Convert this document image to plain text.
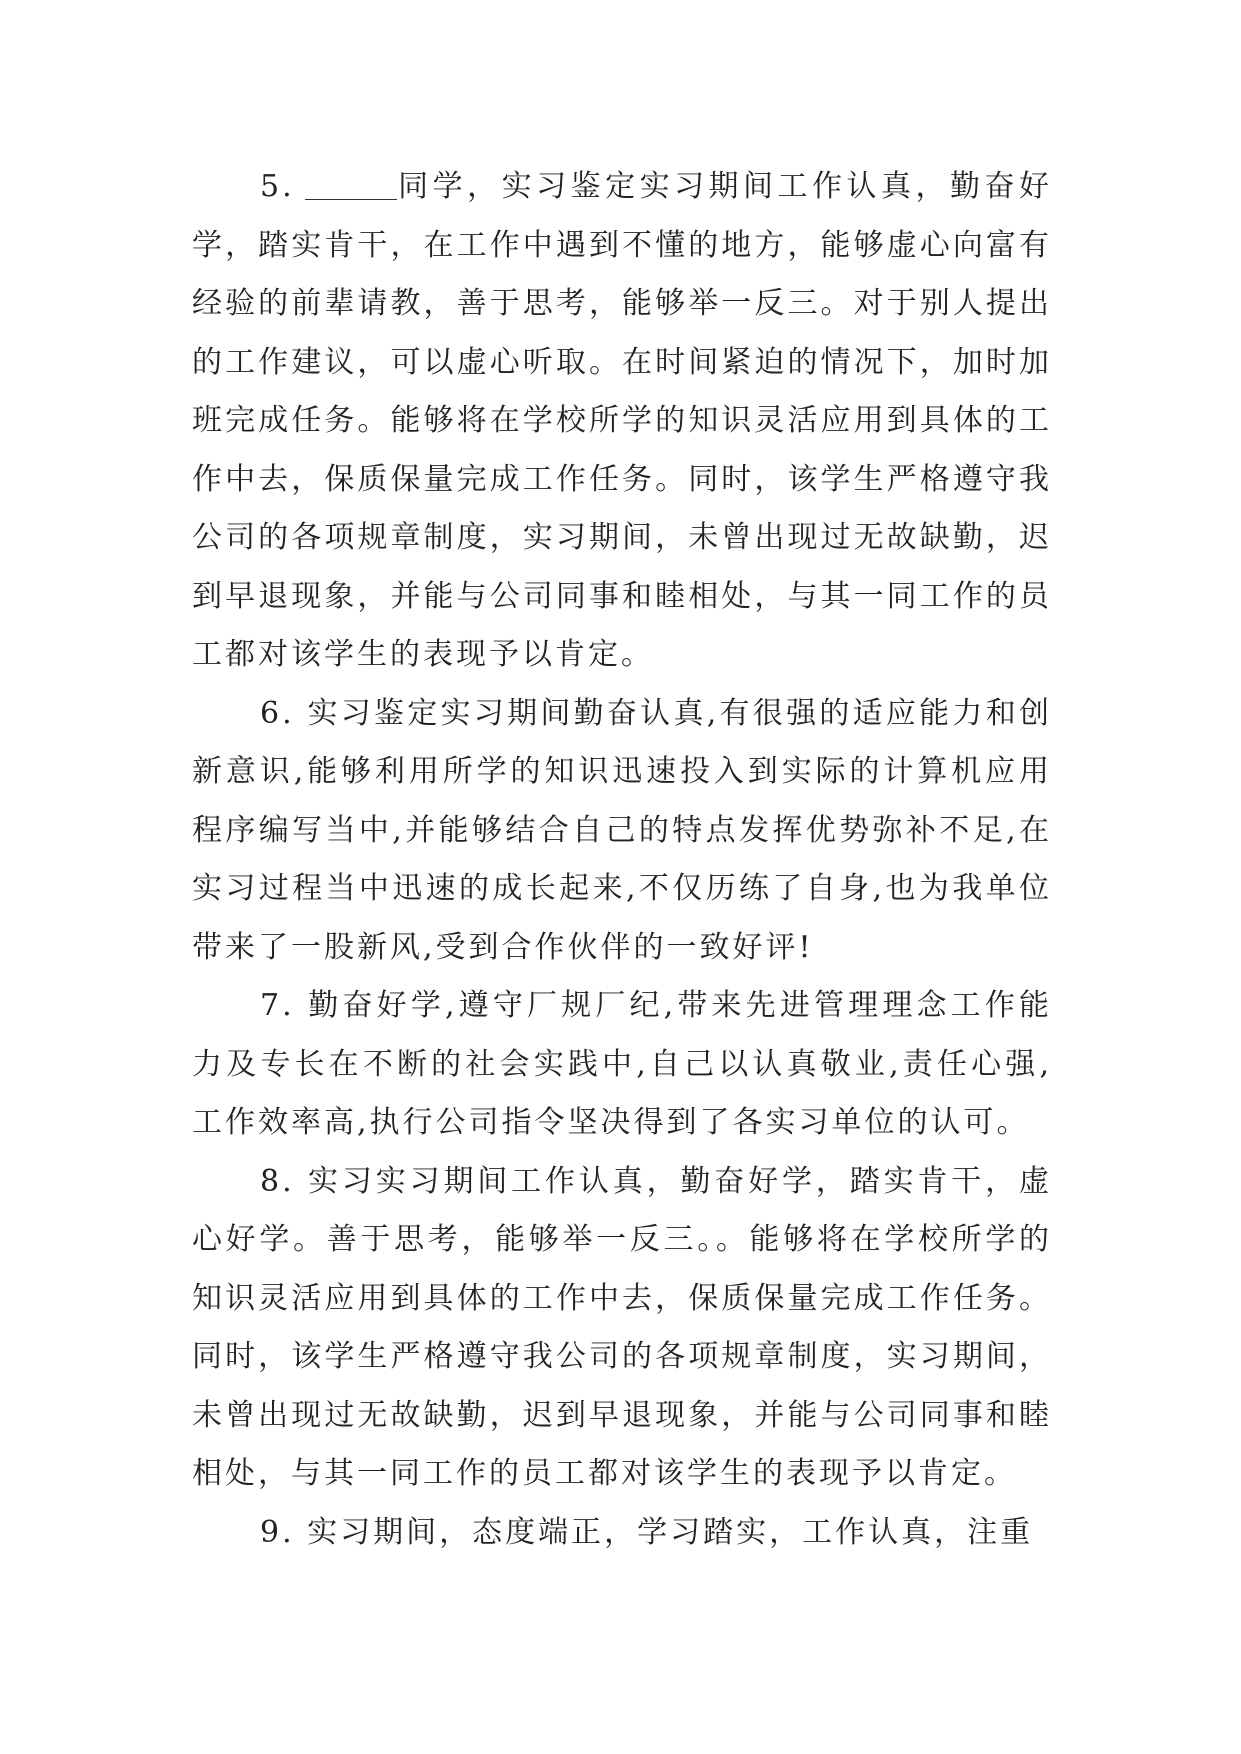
5.	同学，实习鉴定实习期间工作认真，勤奋好学，踏实肯干，在工作中遇到不懂的地方，能够虚心向富有经验的前辈请教，善于思考，能够举一反三。对于别人提出的工作建议，可以虚心听取。在时间紧迫的情况下，加时加班完成任务。能够将在学校所学的知识灵活应用到具体的工作中去，保质保量完成工作任务。同时，该学生严格遵守我公司的各项规章制度，实习期间，未曾出现过无故缺勤，迟到早退现象，并能与公司同事和睦相处，与其一同工作的员工都对该学生的表现予以肯定。

6. 实习鉴定实习期间勤奋认真,有很强的适应能力和创新意识,能够利用所学的知识迅速投入到实际的计算机应用程序编写当中,并能够结合自己的特点发挥优势弥补不足,在实习过程当中迅速的成长起来,不仅历练了自身,也为我单位带来了一股新风,受到合作伙伴的一致好评!

7. 勤奋好学,遵守厂规厂纪,带来先进管理理念工作能力及专长在不断的社会实践中,自己以认真敬业,责任心强,工作效率高,执行公司指令坚决得到了各实习单位的认可。

8. 实习实习期间工作认真，勤奋好学，踏实肯干，虚心好学。善于思考，能够举一反三。。能够将在学校所学的知识灵活应用到具体的工作中去，保质保量完成工作任务。同时，该学生严格遵守我公司的各项规章制度，实习期间，未曾出现过无故缺勤，迟到早退现象，并能与公司同事和睦相处，与其一同工作的员工都对该学生的表现予以肯定。

9. 实习期间，态度端正，学习踏实，工作认真，注重
